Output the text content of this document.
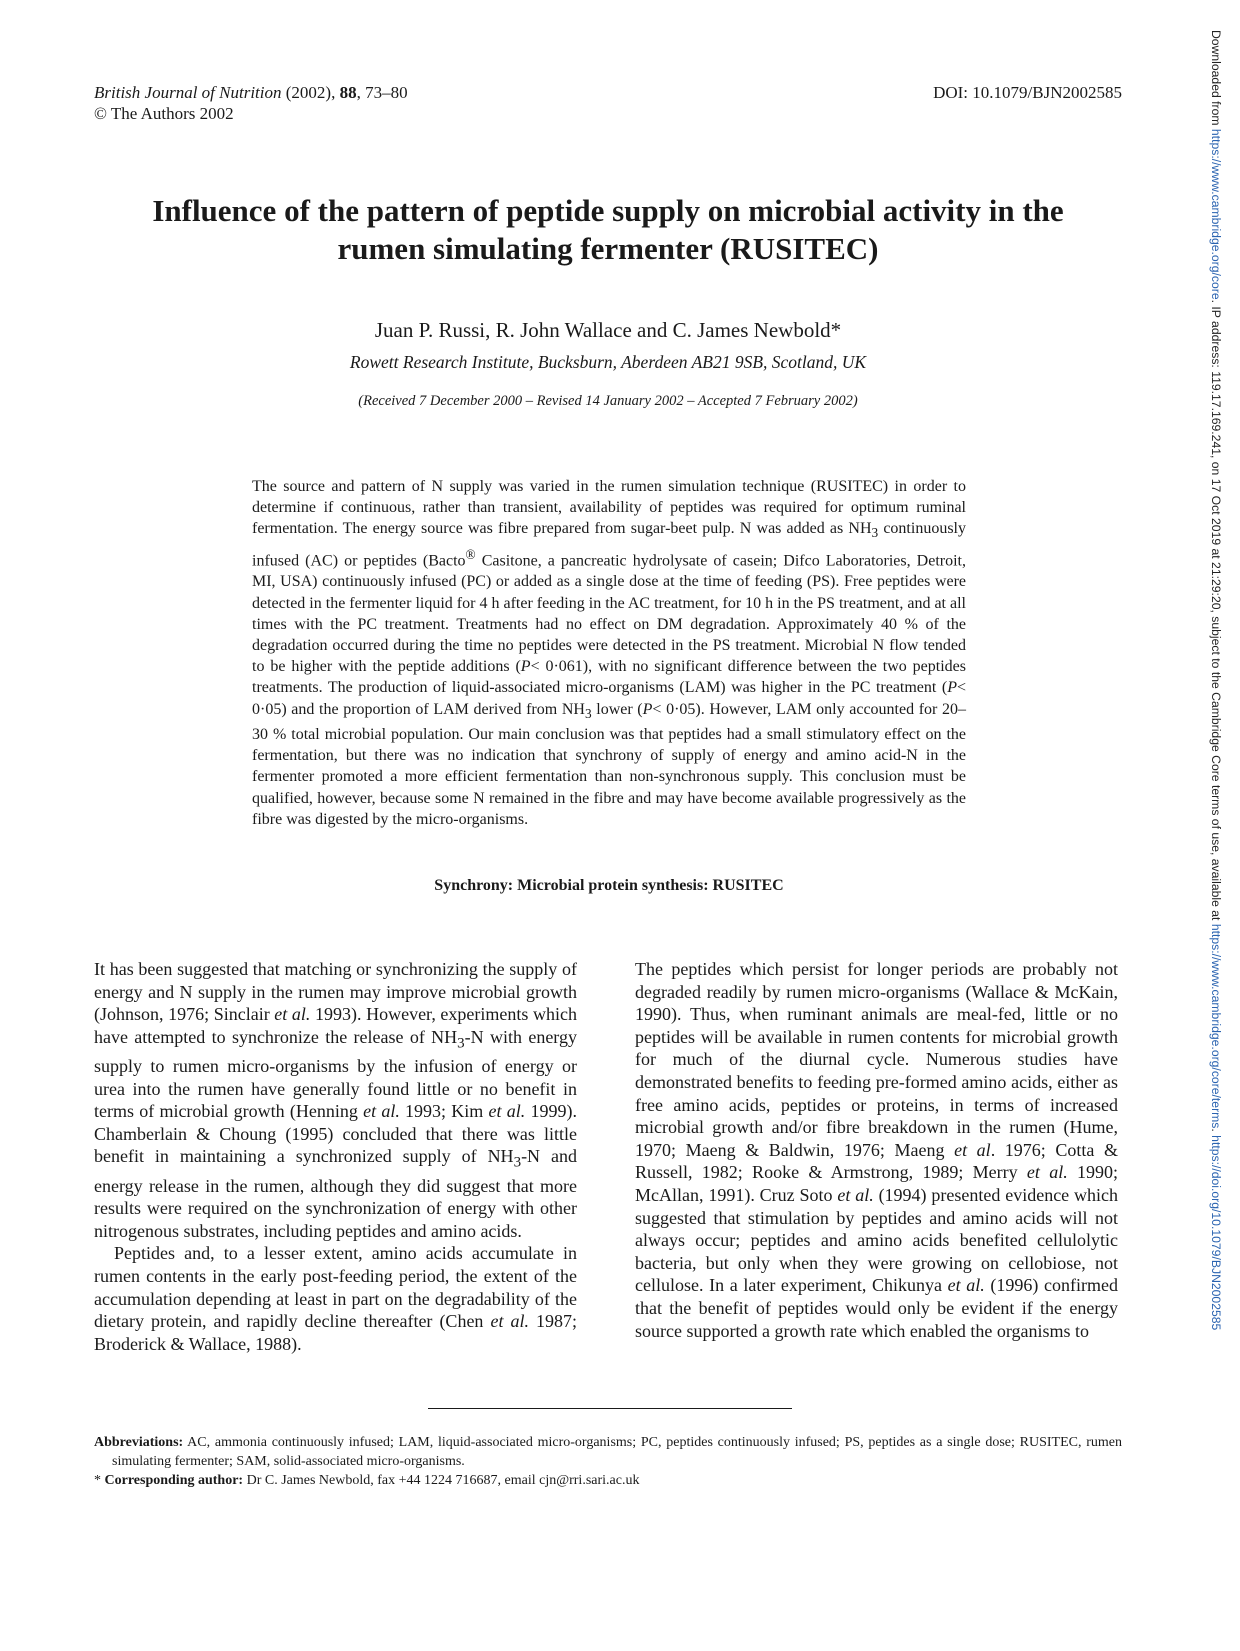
British Journal of Nutrition (2002), 88, 73–80
© The Authors 2002
DOI: 10.1079/BJN2002585
Influence of the pattern of peptide supply on microbial activity in the
rumen simulating fermenter (RUSITEC)
Juan P. Russi, R. John Wallace and C. James Newbold*
Rowett Research Institute, Bucksburn, Aberdeen AB21 9SB, Scotland, UK
(Received 7 December 2000 – Revised 14 January 2002 – Accepted 7 February 2002)

The source and pattern of N supply was varied in the rumen simulation technique (RUSITEC) in order to determine if continuous, rather than transient, availability of peptides was required for optimum ruminal fermentation. The energy source was fibre prepared from sugar-beet pulp. N was added as $NH_3$ continuously infused (AC) or peptides (Bacto® Casitone, a pancreatic hydrolysate of casein; Difco Laboratories, Detroit, MI, USA) continuously infused (PC) or added as a single dose at the time of feeding (PS). Free peptides were detected in the fermenter liquid for 4 h after feeding in the AC treatment, for 10 h in the PS treatment, and at all times with the PC treatment. Treatments had no effect on DM degradation. Approximately 40 % of the degradation occurred during the time no peptides were detected in the PS treatment. Microbial N flow tended to be higher with the peptide additions (P< 0·061), with no significant difference between the two peptides treatments. The production of liquid-associated micro-organisms (LAM) was higher in the PC treatment (P< 0·05) and the proportion of LAM derived from $NH_3$ lower (P< 0·05). However, LAM only accounted for 20–30 % total microbial population. Our main conclusion was that peptides had a small stimulatory effect on the fermentation, but there was no indication that synchrony of supply of energy and amino acid-N in the fermenter promoted a more efficient fermentation than non-synchronous supply. This conclusion must be qualified, however, because some N remained in the fibre and may have become available progressively as the fibre was digested by the micro-organisms.

Synchrony: Microbial protein synthesis: RUSITEC

It has been suggested that matching or synchronizing the supply of energy and N supply in the rumen may improve microbial growth (Johnson, 1976; Sinclair et al. 1993). However, experiments which have attempted to synchronize the release of $NH_3-N$ with energy supply to rumen micro-organisms by the infusion of energy or urea into the rumen have generally found little or no benefit in terms of microbial growth (Henning et al. 1993; Kim et al. 1999). Chamberlain & Choung (1995) concluded that there was little benefit in maintaining a synchronized supply of $NH_3-N$ and energy release in the rumen, although they did suggest that more results were required on the synchronization of energy with other nitrogenous substrates, including peptides and amino acids.

Peptides and, to a lesser extent, amino acids accumulate in rumen contents in the early post-feeding period, the extent of the accumulation depending at least in part on the degradability of the dietary protein, and rapidly decline thereafter (Chen et al. 1987; Broderick & Wallace, 1988).

The peptides which persist for longer periods are probably not degraded readily by rumen micro-organisms (Wallace & McKain, 1990). Thus, when ruminant animals are meal-fed, little or no peptides will be available in rumen contents for microbial growth for much of the diurnal cycle. Numerous studies have demonstrated benefits to feeding pre-formed amino acids, either as free amino acids, peptides or proteins, in terms of increased microbial growth and/or fibre breakdown in the rumen (Hume, 1970; Maeng & Baldwin, 1976; Maeng et al. 1976; Cotta & Russell, 1982; Rooke & Armstrong, 1989; Merry et al. 1990; McAllan, 1991). Cruz Soto et al. (1994) presented evidence which suggested that stimulation by peptides and amino acids will not always occur; peptides and amino acids benefited cellulolytic bacteria, but only when they were growing on cellobiose, not cellulose. In a later experiment, Chikunya et al. (1996) confirmed that the benefit of peptides would only be evident if the energy source supported a growth rate which enabled the organisms to

Abbreviations: AC, ammonia continuously infused; LAM, liquid-associated micro-organisms; PC, peptides continuously infused; PS, peptides as a single dose; RUSITEC, rumen simulating fermenter; SAM, solid-associated micro-organisms.

* Corresponding author: Dr C. James Newbold, fax +44 1224 716687, email cjn@rri.sari.ac.uk

Downloaded from https://www.cambridge.org/core. IP address: 119.17.169.241, on 17 Oct 2019 at 21:29:20, subject to the Cambridge Core terms of use, available at https://www.cambridge.org/core/terms. https://doi.org/10.1079/BJN2002585
